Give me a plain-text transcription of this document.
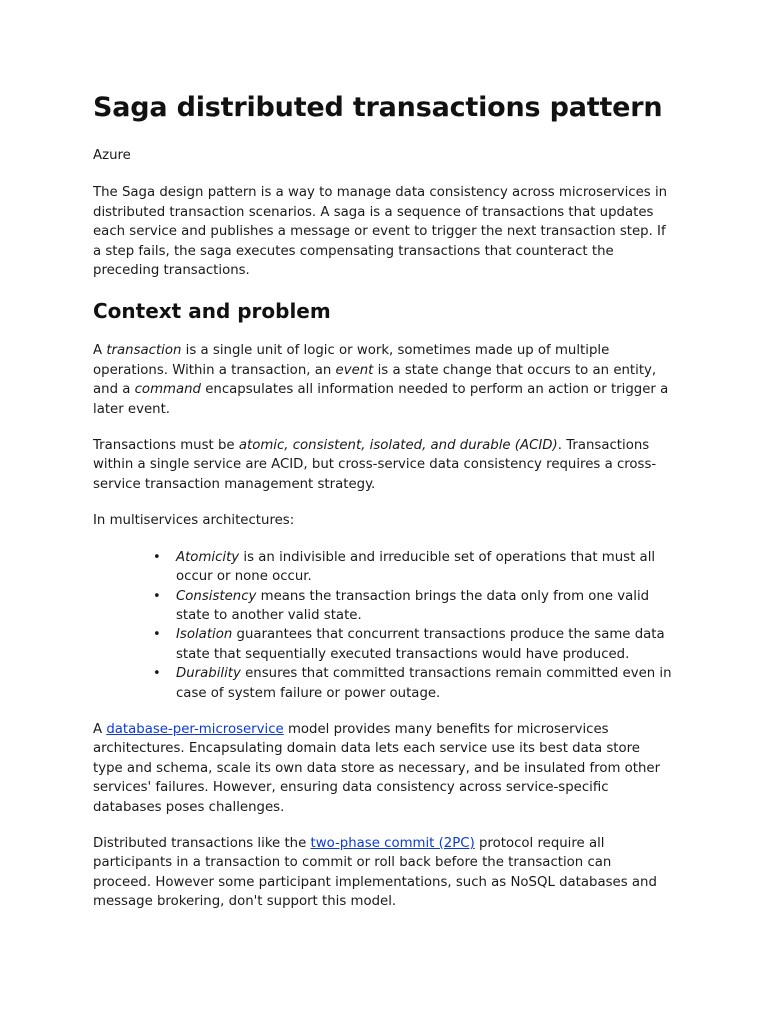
Saga distributed transactions pattern

Azure

The Saga design pattern is a way to manage data consistency across microservices in distributed transaction scenarios. A saga is a sequence of transactions that updates each service and publishes a message or event to trigger the next transaction step. If a step fails, the saga executes compensating transactions that counteract the preceding transactions.

Context and problem

A transaction is a single unit of logic or work, sometimes made up of multiple operations. Within a transaction, an event is a state change that occurs to an entity, and a command encapsulates all information needed to perform an action or trigger a later event.

Transactions must be atomic, consistent, isolated, and durable (ACID). Transactions within a single service are ACID, but cross-service data consistency requires a cross-service transaction management strategy.

In multiservices architectures:

• Atomicity is an indivisible and irreducible set of operations that must all occur or none occur.
• Consistency means the transaction brings the data only from one valid state to another valid state.
• Isolation guarantees that concurrent transactions produce the same data state that sequentially executed transactions would have produced.
• Durability ensures that committed transactions remain committed even in case of system failure or power outage.

A database-per-microservice model provides many benefits for microservices architectures. Encapsulating domain data lets each service use its best data store type and schema, scale its own data store as necessary, and be insulated from other services' failures. However, ensuring data consistency across service-specific databases poses challenges.

Distributed transactions like the two-phase commit (2PC) protocol require all participants in a transaction to commit or roll back before the transaction can proceed. However some participant implementations, such as NoSQL databases and message brokering, don't support this model.
